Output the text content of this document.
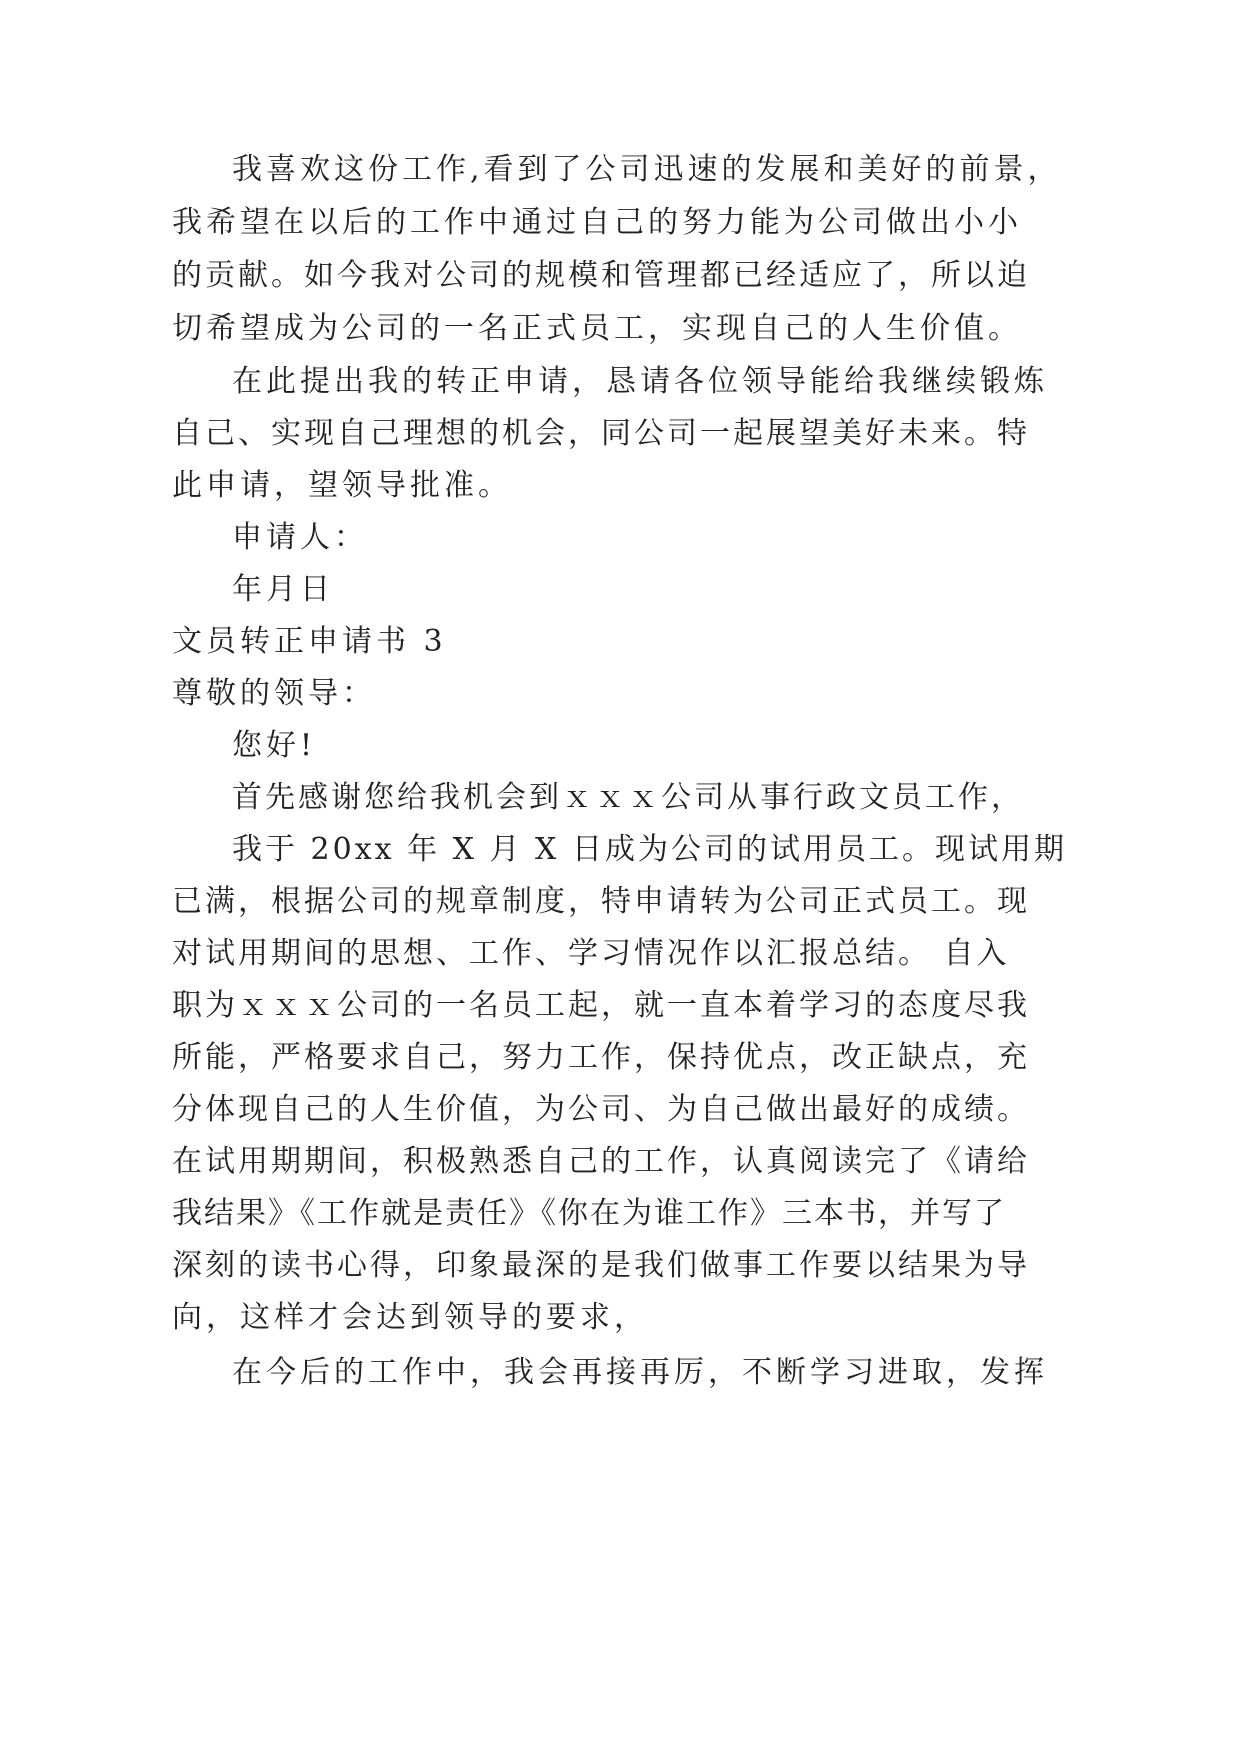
我喜欢这份工作,看到了公司迅速的发展和美好的前景，
我希望在以后的工作中通过自己的努力能为公司做出小小
的贡献。如今我对公司的规模和管理都已经适应了，所以迫
切希望成为公司的一名正式员工，实现自己的人生价值。
在此提出我的转正申请，恳请各位领导能给我继续锻炼
自己、实现自己理想的机会，同公司一起展望美好未来。特
此申请，望领导批准。
申请人：
年月日
文员转正申请书 3
尊敬的领导：
您好!
首先感谢您给我机会到ｘｘｘ公司从事行政文员工作，
我于 20xx 年 X 月 X 日成为公司的试用员工。现试用期
已满，根据公司的规章制度，特申请转为公司正式员工。现
对试用期间的思想、工作、学习情况作以汇报总结。 自入
职为ｘｘｘ公司的一名员工起，就一直本着学习的态度尽我
所能，严格要求自己，努力工作，保持优点，改正缺点，充
分体现自己的人生价值，为公司、为自己做出最好的成绩。
在试用期期间，积极熟悉自己的工作，认真阅读完了《请给
我结果》《工作就是责任》《你在为谁工作》三本书，并写了
深刻的读书心得，印象最深的是我们做事工作要以结果为导
向，这样才会达到领导的要求，
在今后的工作中，我会再接再厉，不断学习进取，发挥
